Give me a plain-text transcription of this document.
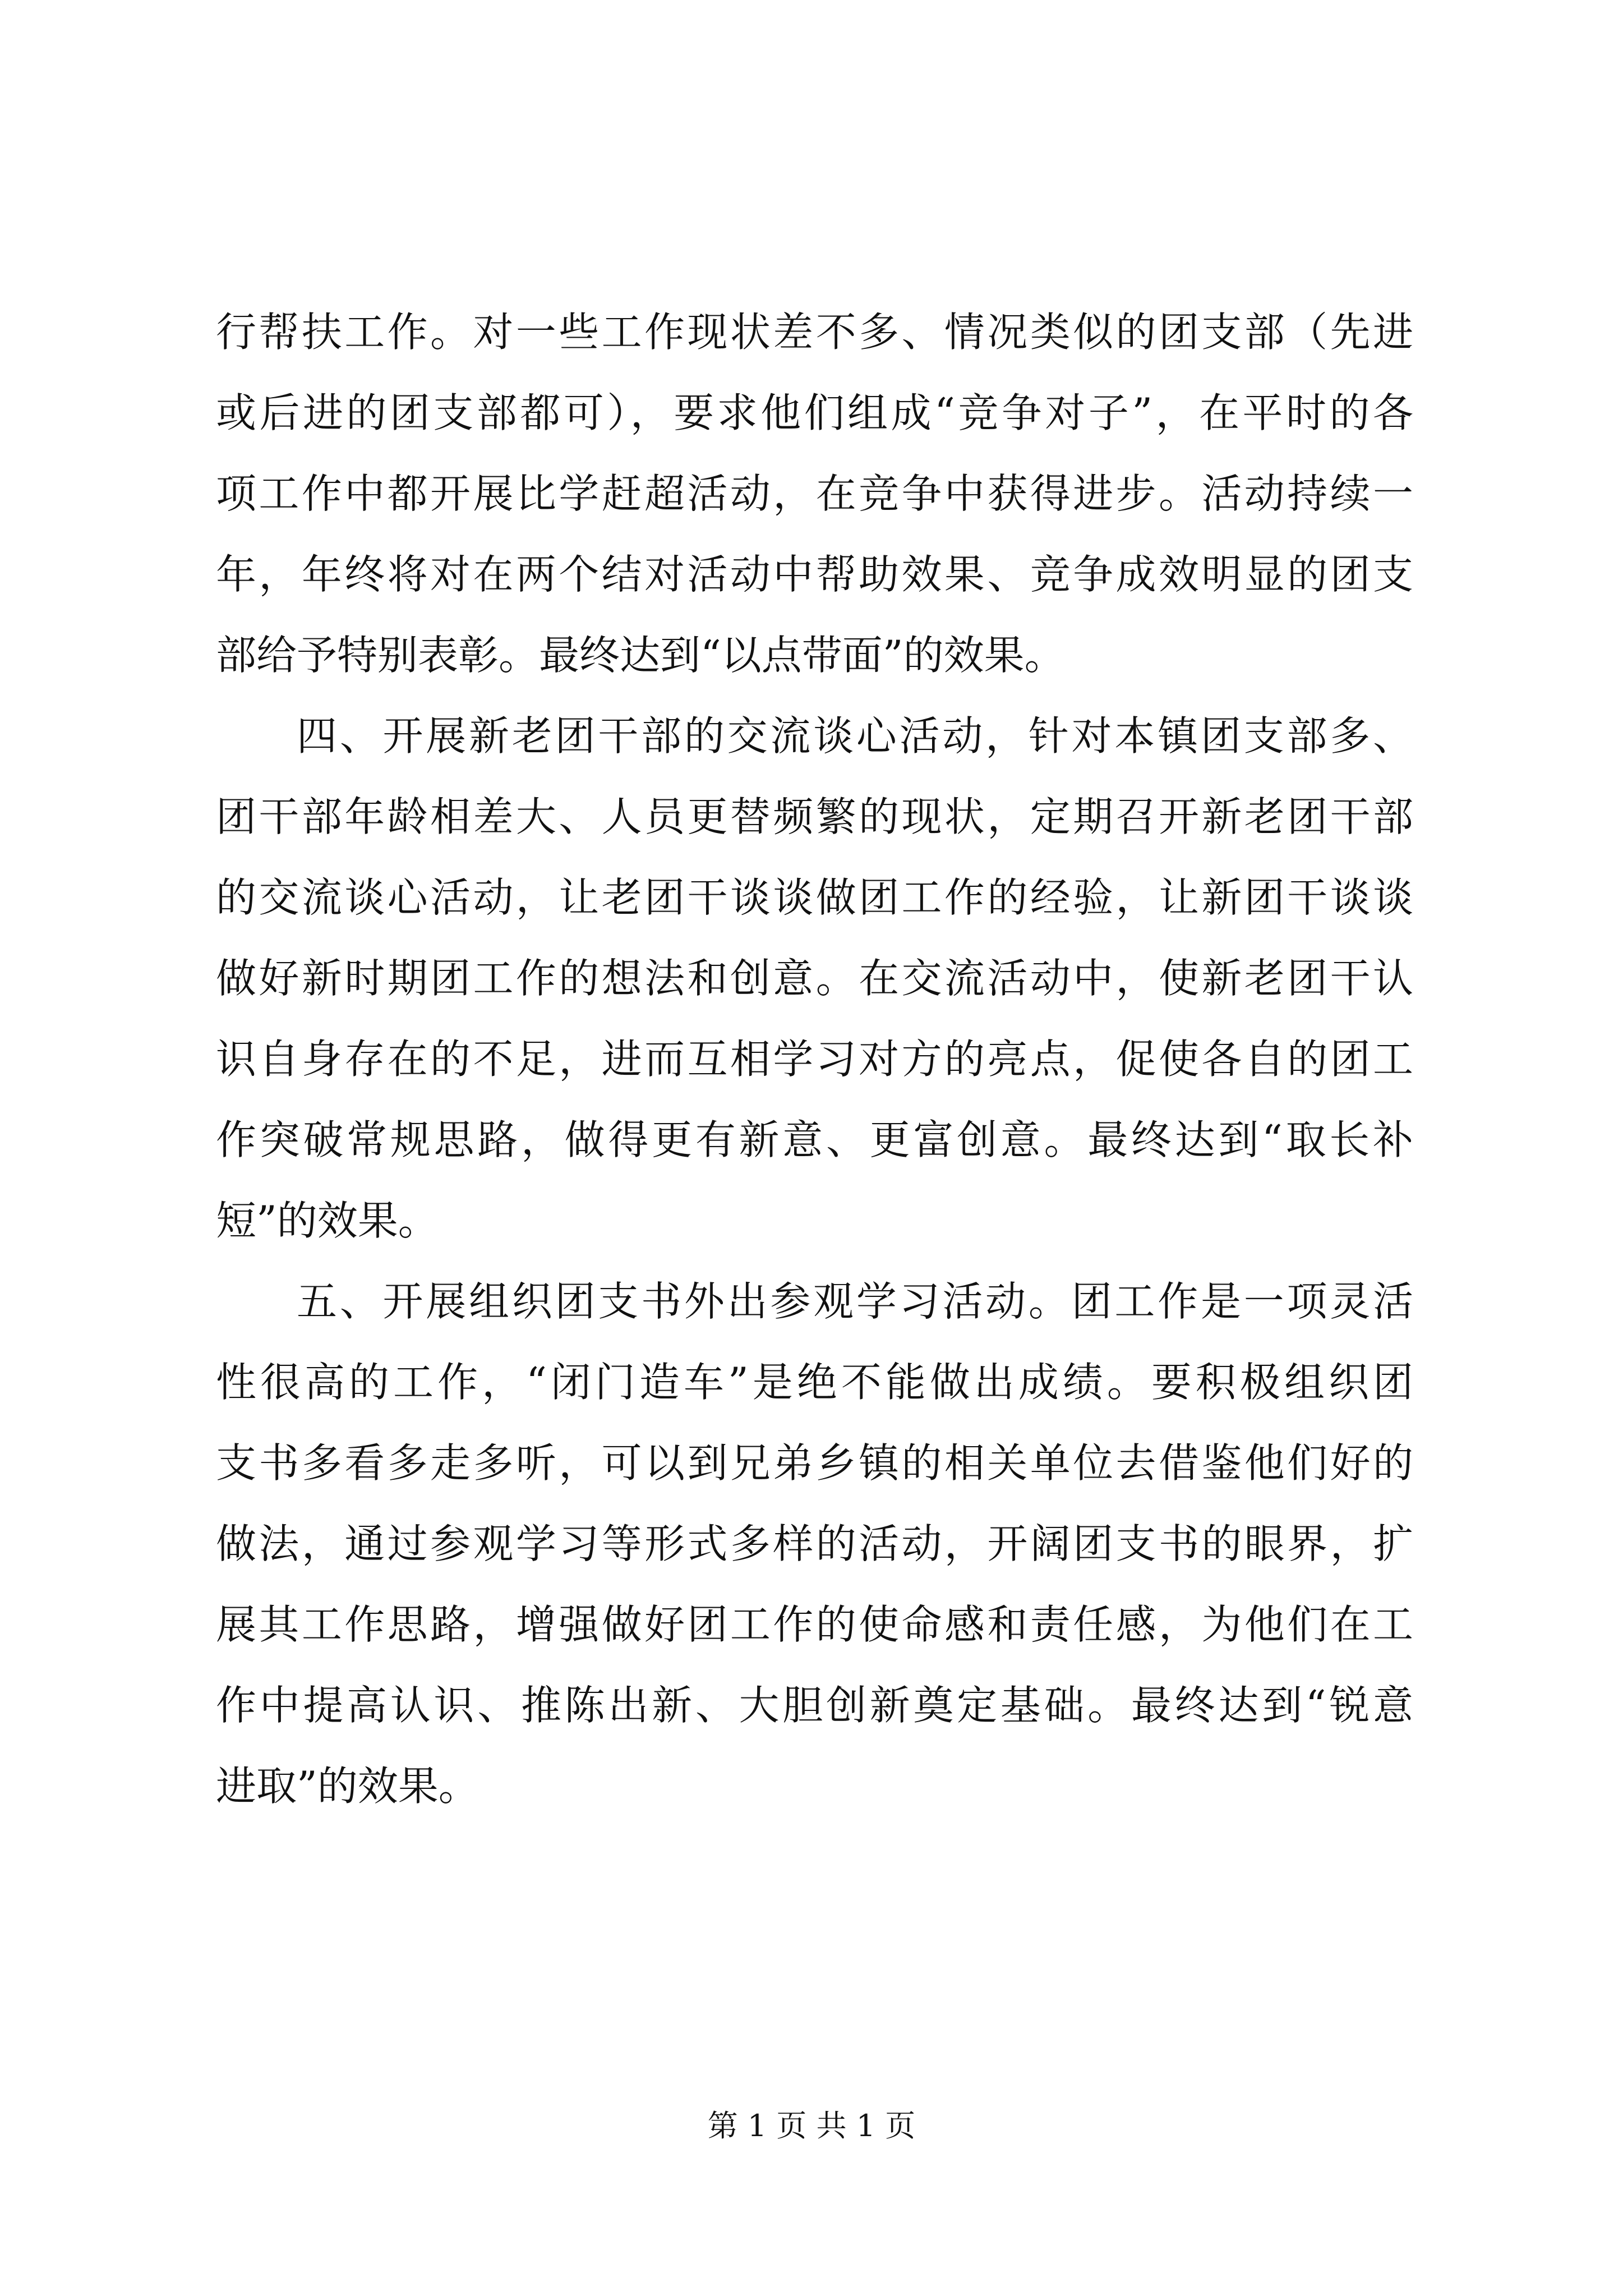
行帮扶工作。对一些工作现状差不多、情况类似的团支部（先进
或后进的团支部都可），要求他们组成“竞争对子”，在平时的各
项工作中都开展比学赶超活动，在竞争中获得进步。活动持续一
年，年终将对在两个结对活动中帮助效果、竞争成效明显的团支
部给予特别表彰。最终达到“以点带面”的效果。
四、开展新老团干部的交流谈心活动，针对本镇团支部多、
团干部年龄相差大、人员更替频繁的现状，定期召开新老团干部
的交流谈心活动，让老团干谈谈做团工作的经验，让新团干谈谈
做好新时期团工作的想法和创意。在交流活动中，使新老团干认
识自身存在的不足，进而互相学习对方的亮点，促使各自的团工
作突破常规思路，做得更有新意、更富创意。最终达到“取长补
短”的效果。
五、开展组织团支书外出参观学习活动。团工作是一项灵活
性很高的工作，“闭门造车”是绝不能做出成绩。要积极组织团
支书多看多走多听，可以到兄弟乡镇的相关单位去借鉴他们好的
做法，通过参观学习等形式多样的活动，开阔团支书的眼界，扩
展其工作思路，增强做好团工作的使命感和责任感，为他们在工
作中提高认识、推陈出新、大胆创新奠定基础。最终达到“锐意
进取”的效果。
第 1 页 共 1 页
